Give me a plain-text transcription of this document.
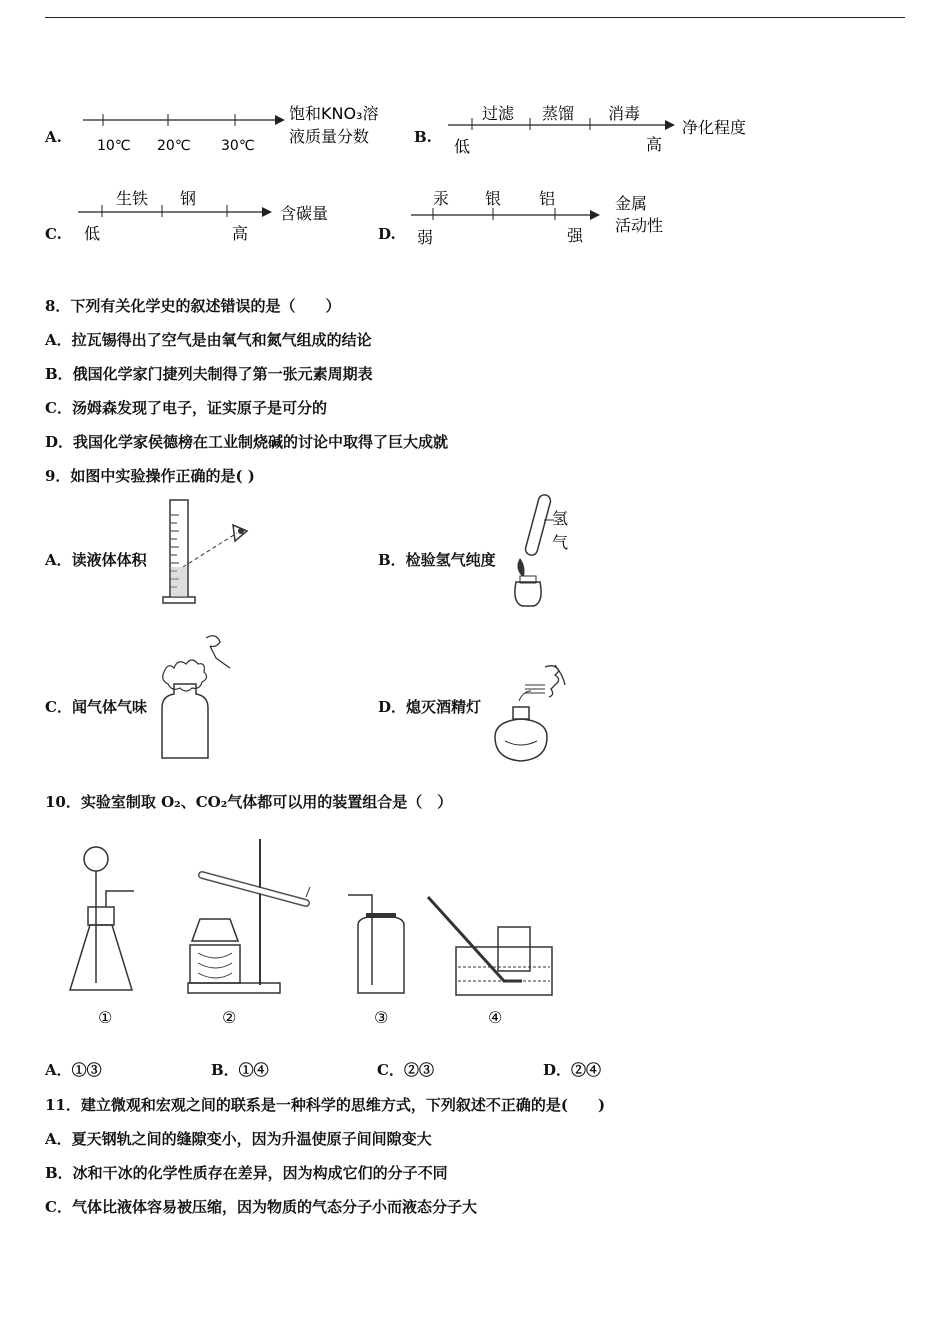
A.	10℃ 20℃ 30℃
饱和KNO₃溶
液质量分数	B.
过滤 蒸馏 消毒
低	高
净化程度
C.
生铁 钢
低	高
含碳量
D.
汞 银 铝
弱	强
金属
活动性
8．下列有关化学史的叙述错误的是（　　）
A．拉瓦锡得出了空气是由氧气和氮气组成的结论
B．俄国化学家门捷列夫制得了第一张元素周期表
C．汤姆森发现了电子，证实原子是可分的
D．我国化学家侯德榜在工业制烧碱的讨论中取得了巨大成就
9．如图中实验操作正确的是( )
A．读液体体积	B．检验氢气纯度
氢
气
C．闻气体气味	D．熄灭酒精灯
10．实验室制取 O₂、CO₂气体都可以用的装置组合是（　）
①	②	③	④
A．①③	B．①④	C．②③	D．②④
11．建立微观和宏观之间的联系是一种科学的思维方式，下列叙述不正确的是(　　)
A．夏天钢轨之间的缝隙变小，因为升温使原子间间隙变大
B．冰和干冰的化学性质存在差异，因为构成它们的分子不同
C．气体比液体容易被压缩，因为物质的气态分子小而液态分子大
